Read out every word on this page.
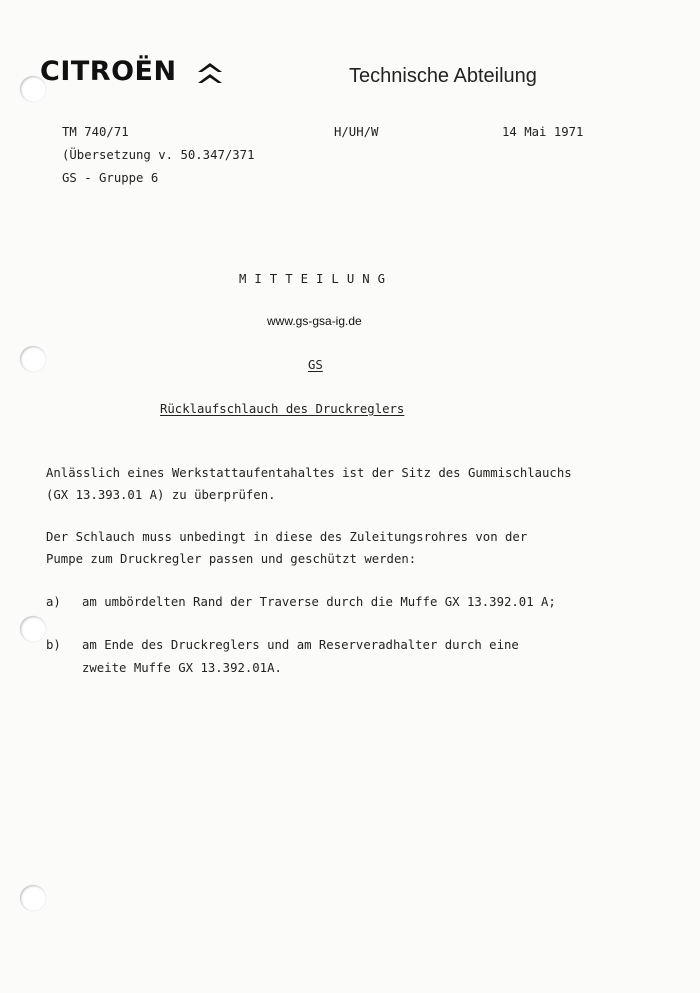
CITROËN	Technische Abteilung
TM 740/71	H/UH/W	14 Mai 1971
(Übersetzung v. 50.347/371
GS - Gruppe 6
MITTEILUNG
www.gs-gsa-ig.de
GS
Rücklaufschlauch des Druckreglers
Anlässlich eines Werkstattaufentahaltes ist der Sitz des Gummischlauchs
(GX 13.393.01 A) zu überprüfen.
Der Schlauch muss unbedingt in diese des Zuleitungsrohres von der
Pumpe zum Druckregler passen und geschützt werden:
a) am umbördelten Rand der Traverse durch die Muffe GX 13.392.01 A;
b) am Ende des Druckreglers und am Reserveradhalter durch eine
zweite Muffe GX 13.392.01A.
